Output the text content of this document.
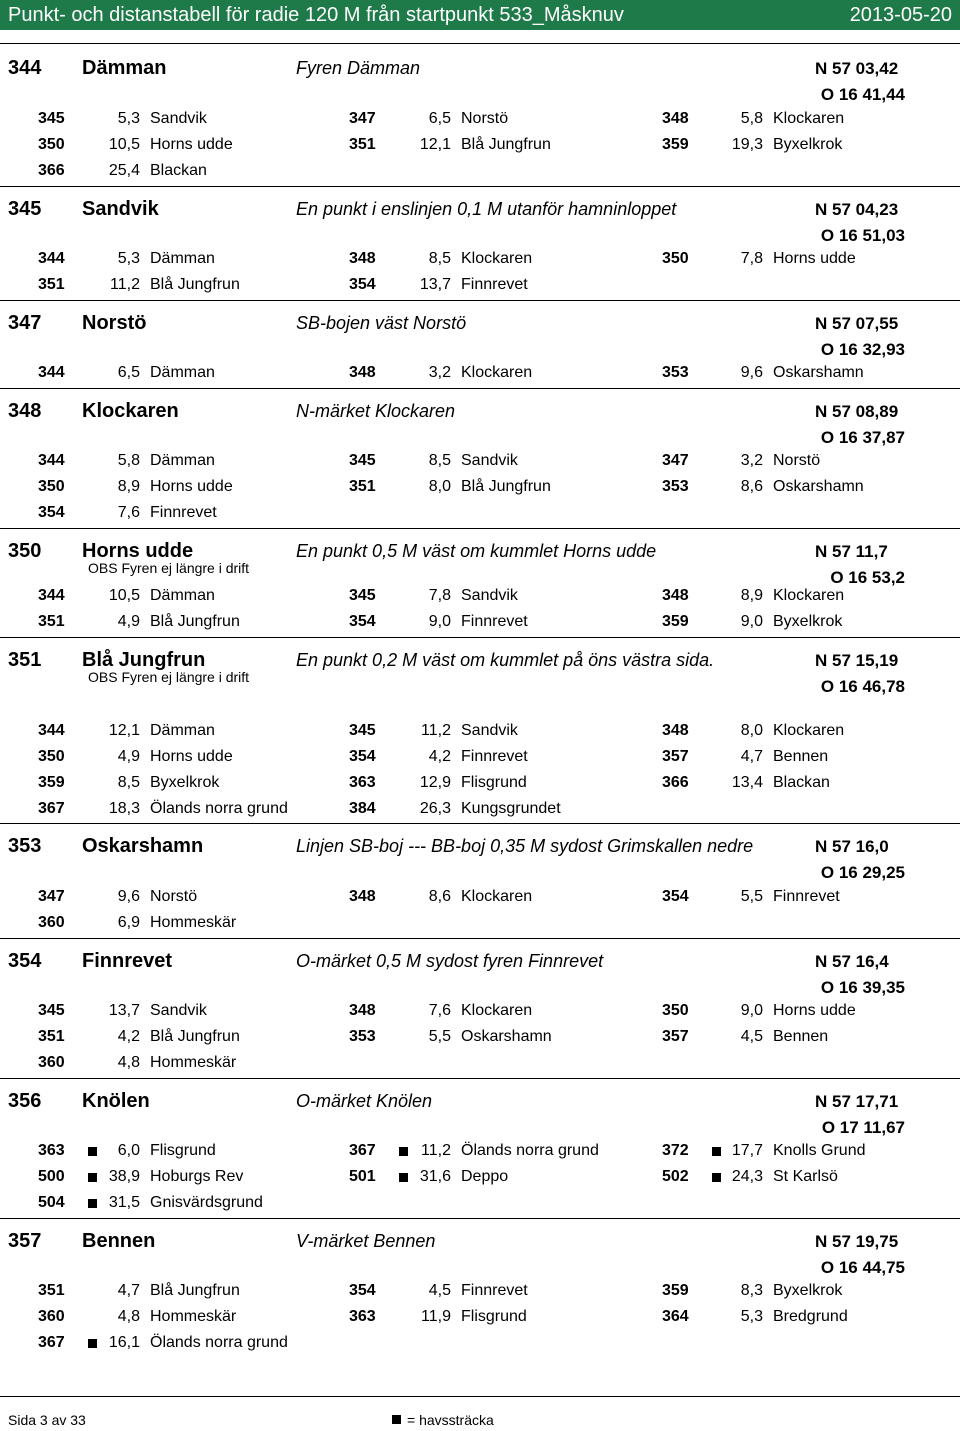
Punkt- och distanstabell för radie 120 M från startpunkt 533_Måsknuv	2013-05-20
344 Dämman	Fyren Dämman	N 57 03,42
O 16 41,44
345	5,3 Sandvik	347	6,5 Norstö	348	5,8 Klockaren
350	10,5 Horns udde	351	12,1 Blå Jungfrun	359	19,3 Byxelkrok
366	25,4 Blackan
345 Sandvik	En punkt i enslinjen 0,1 M utanför hamninloppet	N 57 04,23
O 16 51,03
344	5,3 Dämman	348	8,5 Klockaren	350	7,8 Horns udde
351	11,2 Blå Jungfrun	354	13,7 Finnrevet
347 Norstö	SB-bojen väst Norstö	N 57 07,55
O 16 32,93
344	6,5 Dämman	348	3,2 Klockaren	353	9,6 Oskarshamn
348 Klockaren	N-märket Klockaren	N 57 08,89
O 16 37,87
344	5,8 Dämman	345	8,5 Sandvik	347	3,2 Norstö
350	8,9 Horns udde	351	8,0 Blå Jungfrun	353	8,6 Oskarshamn
354	7,6 Finnrevet
350 Horns udde	En punkt 0,5 M väst om kummlet Horns udde	N 57 11,7
O 16 53,2
OBS Fyren ej längre i drift
344	10,5 Dämman	345	7,8 Sandvik	348	8,9 Klockaren
351	4,9 Blå Jungfrun	354	9,0 Finnrevet	359	9,0 Byxelkrok
351 Blå Jungfrun	En punkt 0,2 M väst om kummlet på öns västra sida.	N 57 15,19
O 16 46,78
OBS Fyren ej längre i drift
344	12,1 Dämman	345	11,2 Sandvik	348	8,0 Klockaren
350	4,9 Horns udde	354	4,2 Finnrevet	357	4,7 Bennen
359	8,5 Byxelkrok	363	12,9 Flisgrund	366	13,4 Blackan
367	18,3 Ölands norra grund	384	26,3 Kungsgrundet
353 Oskarshamn	Linjen SB-boj --- BB-boj 0,35 M sydost Grimskallen nedre	N 57 16,0
O 16 29,25
347	9,6 Norstö	348	8,6 Klockaren	354	5,5 Finnrevet
360	6,9 Hommeskär
354 Finnrevet	O-märket 0,5 M sydost fyren Finnrevet	N 57 16,4
O 16 39,35
345	13,7 Sandvik	348	7,6 Klockaren	350	9,0 Horns udde
351	4,2 Blå Jungfrun	353	5,5 Oskarshamn	357	4,5 Bennen
360	4,8 Hommeskär
356 Knölen	O-märket Knölen	N 57 17,71
O 17 11,67
363	6,0 Flisgrund	367	11,2 Ölands norra grund	372	17,7 Knolls Grund
500	38,9 Hoburgs Rev	501	31,6 Deppo	502	24,3 St Karlsö
504	31,5 Gnisvärdsgrund
357 Bennen	V-märket Bennen	N 57 19,75
O 16 44,75
351	4,7 Blå Jungfrun	354	4,5 Finnrevet	359	8,3 Byxelkrok
360	4,8 Hommeskär	363	11,9 Flisgrund	364	5,3 Bredgrund
367	16,1 Ölands norra grund
Sida 3 av 33	= havssträcka
